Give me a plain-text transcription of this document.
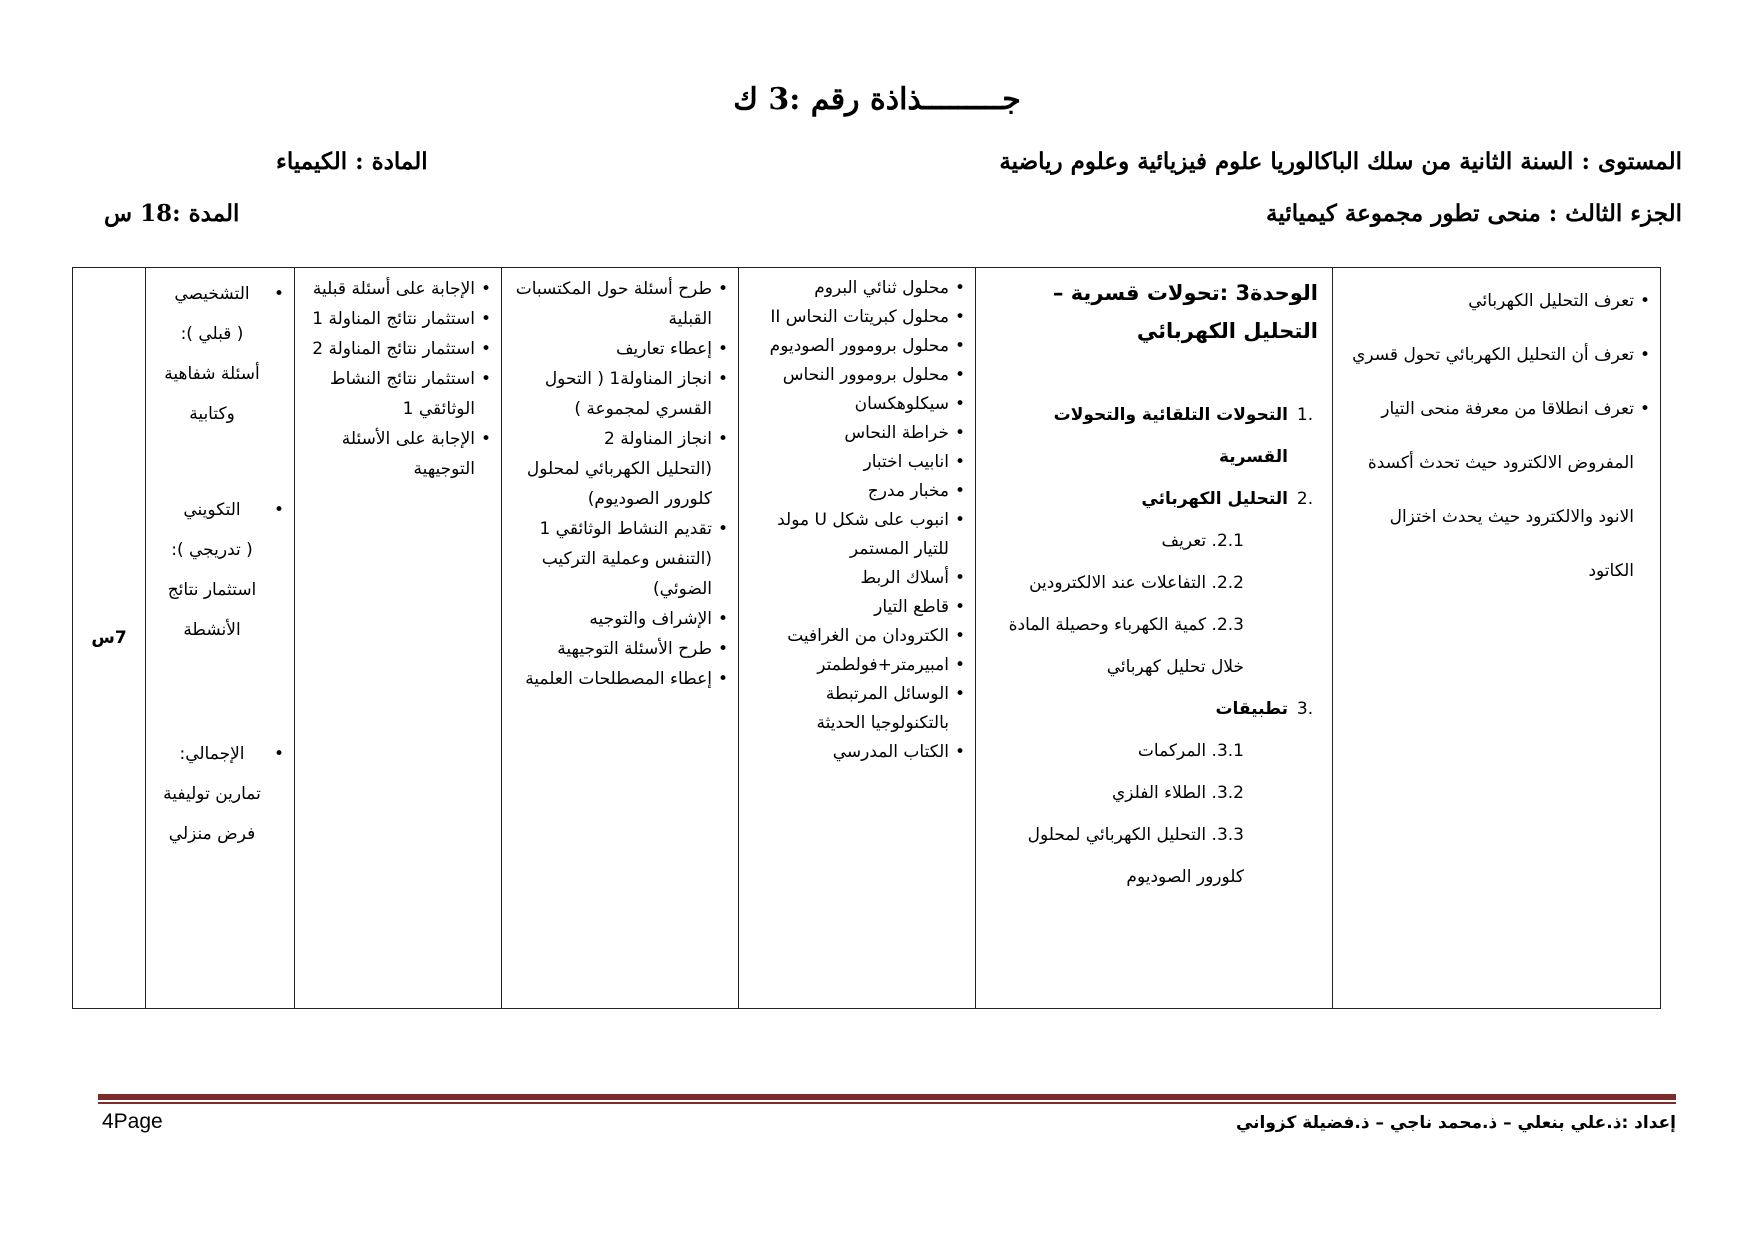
جـــــــــذاذة رقم :3 ك
المستوى : السنة الثانية من سلك الباكالوريا علوم فيزيائية وعلوم رياضية
المادة : الكيمياء
الجزء الثالث : منحى تطور مجموعة كيميائية
المدة :18 س
• تعرف التحليل الكهربائي
• تعرف أن التحليل الكهربائي تحول قسري
• تعرف انطلاقا من معرفة منحى التيار المفروض الالكترود حيث تحدث أكسدة الانود والالكترود حيث يحدث اختزال الكاتود

الوحدة3 :تحولات قسرية – التحليل الكهربائي
.1
التحولات التلقائية والتحولات القسرية
.2
التحليل الكهربائي
2.1. تعريف
2.2. التفاعلات عند الالكترودين
2.3. كمية الكهرباء وحصيلة المادة خلال تحليل كهربائي
.3
تطبيقات
3.1. المركمات
3.2. الطلاء الفلزي
3.3. التحليل الكهربائي لمحلول كلورور الصوديوم

• محلول ثنائي البروم
• محلول كبريتات النحاس II
• محلول بروموور الصوديوم
• محلول بروموور النحاس
• سيكلوهكسان
• خراطة النحاس
• انابيب اختبار
• مخبار مدرج
• انبوب على شكل U مولد للتيار المستمر
• أسلاك الربط
• قاطع التيار
• الكترودان من الغرافيت
• امبيرمتر+فولطمتر
• الوسائل المرتبطة بالتكنولوجيا الحديثة
• الكتاب المدرسي

• طرح أسئلة حول المكتسبات القبلية
• إعطاء تعاريف
• انجاز المناولة1 ( التحول القسري لمجموعة )
• انجاز المناولة 2
(التحليل الكهربائي لمحلول كلورور الصوديوم)
• تقديم النشاط الوثائقي 1 (التنفس وعملية التركيب الضوئي)
• الإشراف والتوجيه
• طرح الأسئلة التوجيهية
• إعطاء المصطلحات العلمية

• الإجابة على أسئلة قبلية
• استثمار نتائج المناولة 1
• استثمار نتائج المناولة 2
• استثمار نتائج النشاط الوثائقي 1
• الإجابة على الأسئلة التوجيهية

• التشخيصي
( قبلي ):
أسئلة شفاهية
وكتابية
• التكويني
( تدريجي ):
استثمار نتائج
الأنشطة
• الإجمالي:
تمارين توليفية
فرض منزلي
	7س
4Page	إعداد :ذ.علي بنعلي – ذ.محمد ناجي – ذ.فضيلة كزواني
